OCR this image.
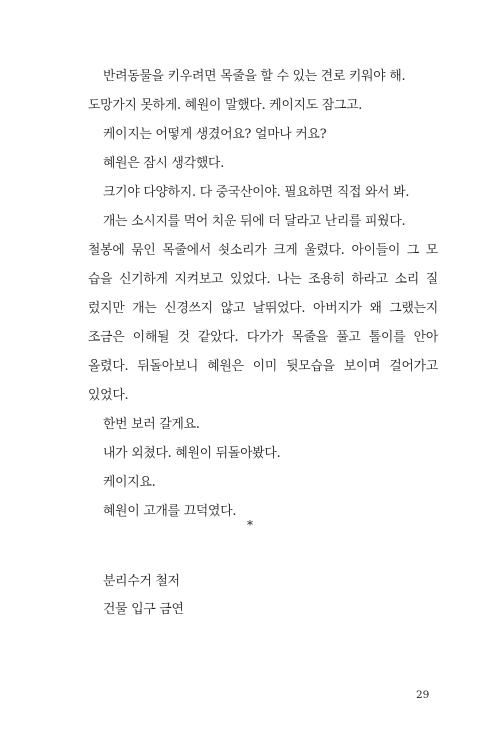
반려동물을 키우려면 목줄을 할 수 있는 견로 키워야 해.
도망가지 못하게. 혜원이 말했다. 케이지도 잠그고.
케이지는 어떻게 생겼어요? 얼마나 커요?
혜원은 잠시 생각했다.
크기야 다양하지. 다 중국산이야. 필요하면 직접 와서 봐.
개는 소시지를 먹어 치운 뒤에 더 달라고 난리를 피웠다.
철봉에 묶인 목줄에서 쇳소리가 크게 울렸다. 아이들이 그 모
습을 신기하게 지켜보고 있었다. 나는 조용히 하라고 소리 질
렀지만 개는 신경쓰지 않고 날뛰었다. 아버지가 왜 그랬는지
조금은 이해될 것 같았다. 다가가 목줄을 풀고 톨이를 안아
올렸다. 뒤돌아보니 혜원은 이미 뒷모습을 보이며 걸어가고
있었다.
한번 보러 갈게요.
내가 외쳤다. 혜원이 뒤돌아봤다.
케이지요.
혜원이 고개를 끄덕였다.
*
분리수거 철저
건물 입구 금연
29
